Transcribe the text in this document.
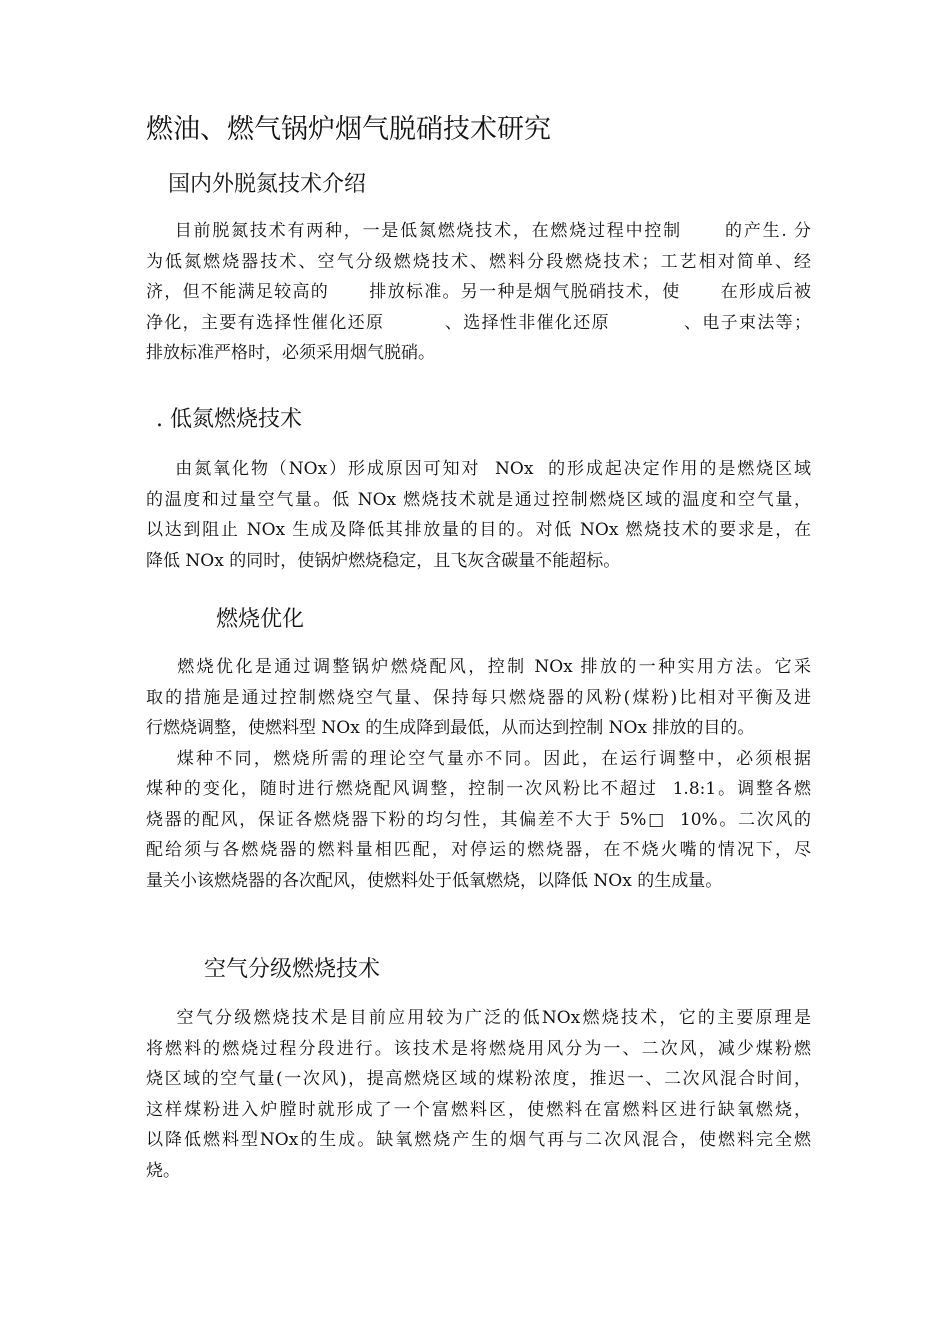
燃油、燃气锅炉烟气脱硝技术研究
国内外脱氮技术介绍
目前脱氮技术有两种，一是低氮燃烧技术，在燃烧过程中控制      的产生. 分
为低氮燃烧器技术、空气分级燃烧技术、燃料分段燃烧技术；工艺相对简单、经
济，但不能满足较高的      排放标准。另一种是烟气脱硝技术，使      在形成后被
净化，主要有选择性催化还原         、选择性非催化还原           、电子束法等；
排放标准严格时，必须采用烟气脱硝。
. 低氮燃烧技术
由氮氧化物（NOx）形成原因可知对  NOx  的形成起决定作用的是燃烧区域
的温度和过量空气量。低 NOx 燃烧技术就是通过控制燃烧区域的温度和空气量，
以达到阻止 NOx 生成及降低其排放量的目的。对低 NOx 燃烧技术的要求是，在
降低 NOx 的同时，使锅炉燃烧稳定，且飞灰含碳量不能超标。
燃烧优化
燃烧优化是通过调整锅炉燃烧配风，控制 NOx 排放的一种实用方法。它采
取的措施是通过控制燃烧空气量、保持每只燃烧器的风粉(煤粉)比相对平衡及进
行燃烧调整，使燃料型 NOx 的生成降到最低，从而达到控制 NOx 排放的目的。
煤种不同，燃烧所需的理论空气量亦不同。因此，在运行调整中，必须根据
煤种的变化，随时进行燃烧配风调整，控制一次风粉比不超过  1.8:1。调整各燃
烧器的配风，保证各燃烧器下粉的均匀性，其偏差不大于 5%□  10%。二次风的
配给须与各燃烧器的燃料量相匹配，对停运的燃烧器，在不烧火嘴的情况下，尽
量关小该燃烧器的各次配风，使燃料处于低氧燃烧，以降低 NOx 的生成量。
空气分级燃烧技术
空气分级燃烧技术是目前应用较为广泛的低NOx燃烧技术，它的主要原理是
将燃料的燃烧过程分段进行。该技术是将燃烧用风分为一、二次风，减少煤粉燃
烧区域的空气量(一次风)，提高燃烧区域的煤粉浓度，推迟一、二次风混合时间，
这样煤粉进入炉膛时就形成了一个富燃料区，使燃料在富燃料区进行缺氧燃烧，
以降低燃料型NOx的生成。缺氧燃烧产生的烟气再与二次风混合，使燃料完全燃
烧。
